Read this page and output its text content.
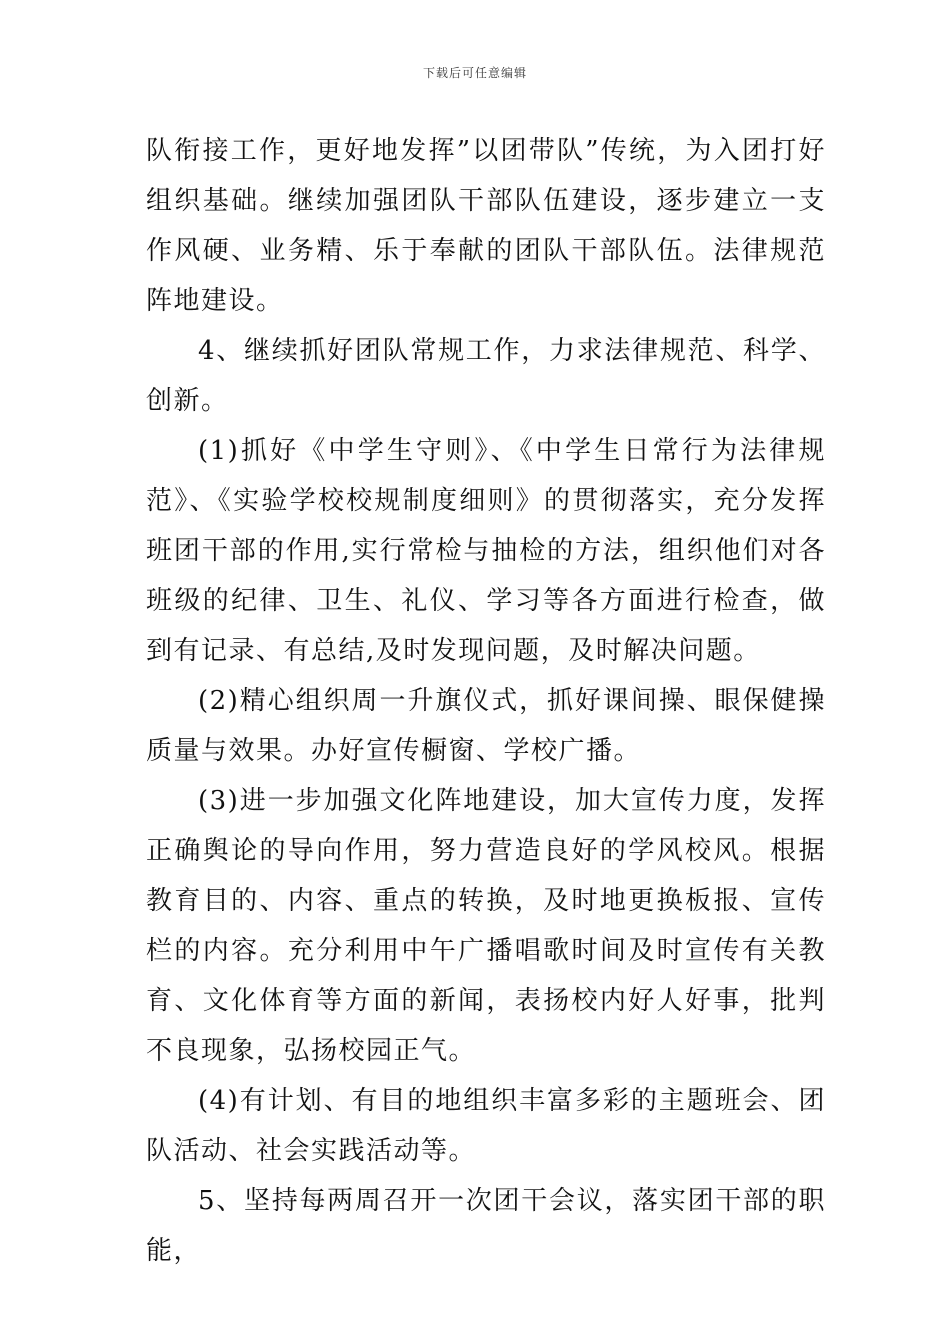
下载后可任意编辑

队衔接工作，更好地发挥”以团带队”传统，为入团打好组织基础。继续加强团队干部队伍建设，逐步建立一支作风硬、业务精、乐于奉献的团队干部队伍。法律规范阵地建设。

4、继续抓好团队常规工作，力求法律规范、科学、创新。

(1)抓好《中学生守则》、《中学生日常行为法律规范》、《实验学校校规制度细则》的贯彻落实，充分发挥班团干部的作用,实行常检与抽检的方法，组织他们对各班级的纪律、卫生、礼仪、学习等各方面进行检查，做到有记录、有总结,及时发现问题，及时解决问题。

(2)精心组织周一升旗仪式，抓好课间操、眼保健操质量与效果。办好宣传橱窗、学校广播。

(3)进一步加强文化阵地建设，加大宣传力度，发挥正确舆论的导向作用，努力营造良好的学风校风。根据教育目的、内容、重点的转换，及时地更换板报、宣传栏的内容。充分利用中午广播唱歌时间及时宣传有关教育、文化体育等方面的新闻，表扬校内好人好事，批判不良现象，弘扬校园正气。

(4)有计划、有目的地组织丰富多彩的主题班会、团队活动、社会实践活动等。

5、坚持每两周召开一次团干会议，落实团干部的职能，
